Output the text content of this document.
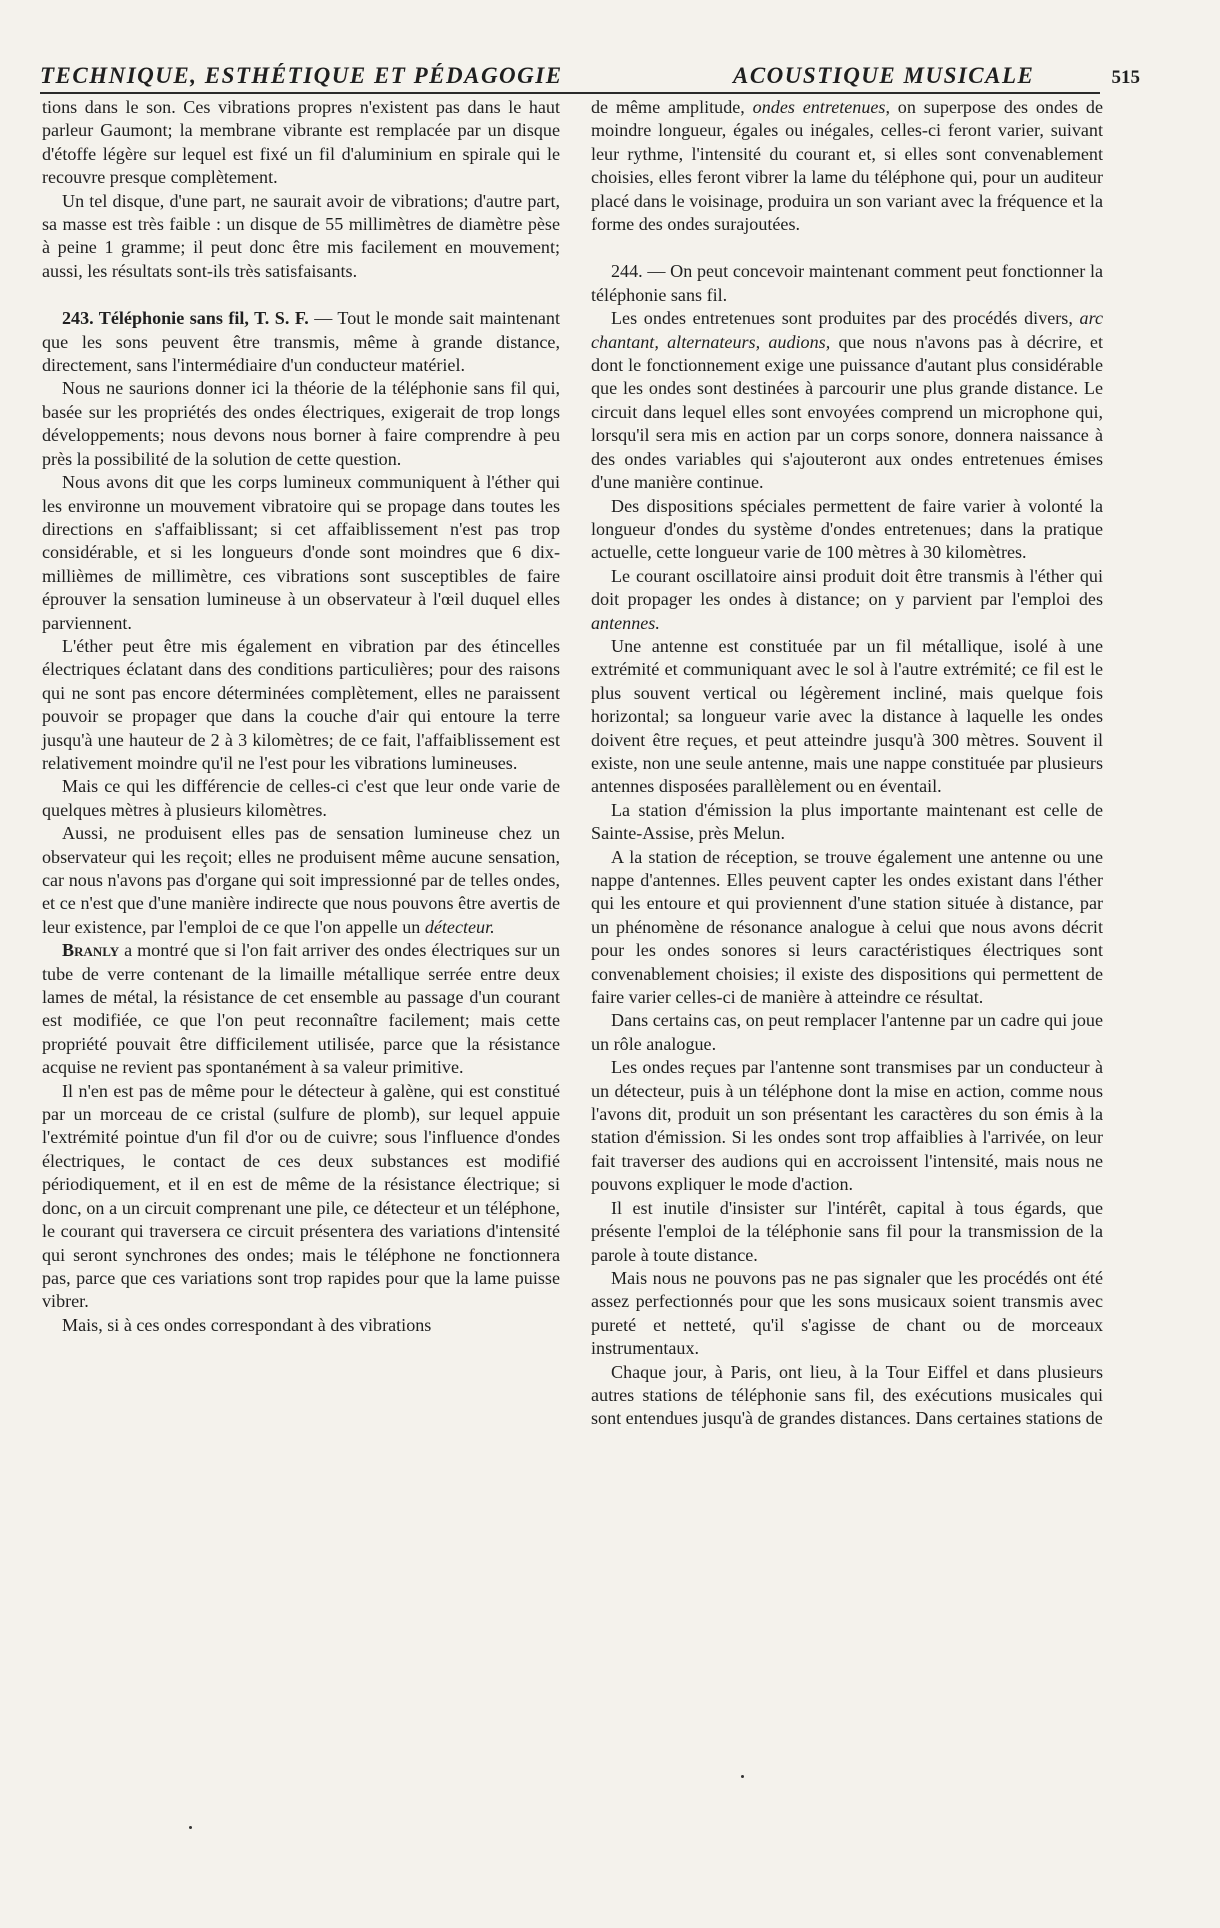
TECHNIQUE, ESTHÉTIQUE ET PÉDAGOGIE	ACOUSTIQUE MUSICALE	515

tions dans le son. Ces vibrations propres n'existent pas dans le haut parleur Gaumont; la membrane vibrante est remplacée par un disque d'étoffe légère sur lequel est fixé un fil d'aluminium en spirale qui le recouvre presque complètement.

Un tel disque, d'une part, ne saurait avoir de vibrations; d'autre part, sa masse est très faible : un disque de 55 millimètres de diamètre pèse à peine 1 gramme; il peut donc être mis facilement en mouvement; aussi, les résultats sont-ils très satisfaisants.

243. Téléphonie sans fil, T. S. F. — Tout le monde sait maintenant que les sons peuvent être transmis, même à grande distance, directement, sans l'intermédiaire d'un conducteur matériel.

Nous ne saurions donner ici la théorie de la téléphonie sans fil qui, basée sur les propriétés des ondes électriques, exigerait de trop longs développements; nous devons nous borner à faire comprendre à peu près la possibilité de la solution de cette question.

Nous avons dit que les corps lumineux communiquent à l'éther qui les environne un mouvement vibratoire qui se propage dans toutes les directions en s'affaiblissant; si cet affaiblissement n'est pas trop considérable, et si les longueurs d'onde sont moindres que 6 dix-millièmes de millimètre, ces vibrations sont susceptibles de faire éprouver la sensation lumineuse à un observateur à l'œil duquel elles parviennent.

L'éther peut être mis également en vibration par des étincelles électriques éclatant dans des conditions particulières; pour des raisons qui ne sont pas encore déterminées complètement, elles ne paraissent pouvoir se propager que dans la couche d'air qui entoure la terre jusqu'à une hauteur de 2 à 3 kilomètres; de ce fait, l'affaiblissement est relativement moindre qu'il ne l'est pour les vibrations lumineuses.

Mais ce qui les différencie de celles-ci c'est que leur onde varie de quelques mètres à plusieurs kilomètres.

Aussi, ne produisent elles pas de sensation lumineuse chez un observateur qui les reçoit; elles ne produisent même aucune sensation, car nous n'avons pas d'organe qui soit impressionné par de telles ondes, et ce n'est que d'une manière indirecte que nous pouvons être avertis de leur existence, par l'emploi de ce que l'on appelle un détecteur.

Branly a montré que si l'on fait arriver des ondes électriques sur un tube de verre contenant de la limaille métallique serrée entre deux lames de métal, la résistance de cet ensemble au passage d'un courant est modifiée, ce que l'on peut reconnaître facilement; mais cette propriété pouvait être difficilement utilisée, parce que la résistance acquise ne revient pas spontanément à sa valeur primitive.

Il n'en est pas de même pour le détecteur à galène, qui est constitué par un morceau de ce cristal (sulfure de plomb), sur lequel appuie l'extrémité pointue d'un fil d'or ou de cuivre; sous l'influence d'ondes électriques, le contact de ces deux substances est modifié périodiquement, et il en est de même de la résistance électrique; si donc, on a un circuit comprenant une pile, ce détecteur et un téléphone, le courant qui traversera ce circuit présentera des variations d'intensité qui seront synchrones des ondes; mais le téléphone ne fonctionnera pas, parce que ces variations sont trop rapides pour que la lame puisse vibrer.

Mais, si à ces ondes correspondant à des vibrations

de même amplitude, ondes entretenues, on superpose des ondes de moindre longueur, égales ou inégales, celles-ci feront varier, suivant leur rythme, l'intensité du courant et, si elles sont convenablement choisies, elles feront vibrer la lame du téléphone qui, pour un auditeur placé dans le voisinage, produira un son variant avec la fréquence et la forme des ondes surajoutées.

244. — On peut concevoir maintenant comment peut fonctionner la téléphonie sans fil.

Les ondes entretenues sont produites par des procédés divers, arc chantant, alternateurs, audions, que nous n'avons pas à décrire, et dont le fonctionnement exige une puissance d'autant plus considérable que les ondes sont destinées à parcourir une plus grande distance. Le circuit dans lequel elles sont envoyées comprend un microphone qui, lorsqu'il sera mis en action par un corps sonore, donnera naissance à des ondes variables qui s'ajouteront aux ondes entretenues émises d'une manière continue.

Des dispositions spéciales permettent de faire varier à volonté la longueur d'ondes du système d'ondes entretenues; dans la pratique actuelle, cette longueur varie de 100 mètres à 30 kilomètres.

Le courant oscillatoire ainsi produit doit être transmis à l'éther qui doit propager les ondes à distance; on y parvient par l'emploi des antennes.

Une antenne est constituée par un fil métallique, isolé à une extrémité et communiquant avec le sol à l'autre extrémité; ce fil est le plus souvent vertical ou légèrement incliné, mais quelque fois horizontal; sa longueur varie avec la distance à laquelle les ondes doivent être reçues, et peut atteindre jusqu'à 300 mètres. Souvent il existe, non une seule antenne, mais une nappe constituée par plusieurs antennes disposées parallèlement ou en éventail.

La station d'émission la plus importante maintenant est celle de Sainte-Assise, près Melun.

A la station de réception, se trouve également une antenne ou une nappe d'antennes. Elles peuvent capter les ondes existant dans l'éther qui les entoure et qui proviennent d'une station située à distance, par un phénomène de résonance analogue à celui que nous avons décrit pour les ondes sonores si leurs caractéristiques électriques sont convenablement choisies; il existe des dispositions qui permettent de faire varier celles-ci de manière à atteindre ce résultat.

Dans certains cas, on peut remplacer l'antenne par un cadre qui joue un rôle analogue.

Les ondes reçues par l'antenne sont transmises par un conducteur à un détecteur, puis à un téléphone dont la mise en action, comme nous l'avons dit, produit un son présentant les caractères du son émis à la station d'émission. Si les ondes sont trop affaiblies à l'arrivée, on leur fait traverser des audions qui en accroissent l'intensité, mais nous ne pouvons expliquer le mode d'action.

Il est inutile d'insister sur l'intérêt, capital à tous égards, que présente l'emploi de la téléphonie sans fil pour la transmission de la parole à toute distance.

Mais nous ne pouvons pas ne pas signaler que les procédés ont été assez perfectionnés pour que les sons musicaux soient transmis avec pureté et netteté, qu'il s'agisse de chant ou de morceaux instrumentaux.

Chaque jour, à Paris, ont lieu, à la Tour Eiffel et dans plusieurs autres stations de téléphonie sans fil, des exécutions musicales qui sont entendues jusqu'à de grandes distances. Dans certaines stations de
